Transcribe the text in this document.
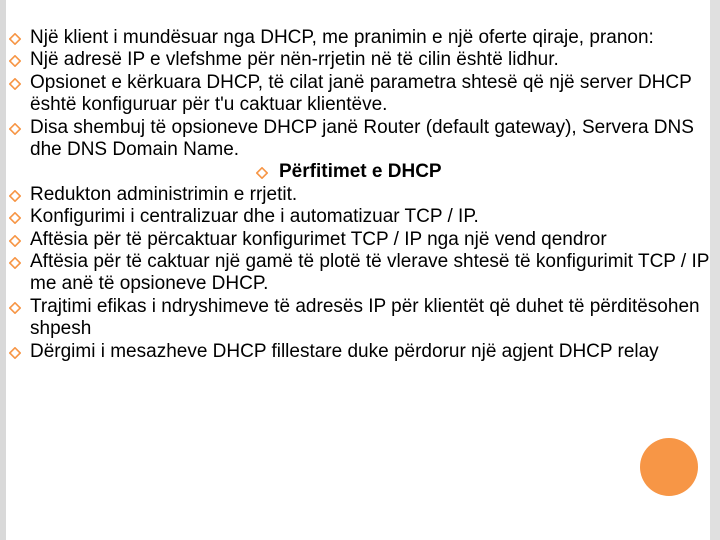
Një klient i mundësuar nga DHCP, me pranimin e një oferte qiraje, pranon:
Një adresë IP e vlefshme për nën-rrjetin në të cilin është lidhur.
Opsionet e kërkuara DHCP, të cilat janë parametra shtesë që një server DHCP është konfiguruar për t'u caktuar klientëve.
Disa shembuj të opsioneve DHCP janë Router (default gateway), Servera DNS dhe DNS Domain Name.
Përfitimet e DHCP
Redukton administrimin e rrjetit.
Konfigurimi i centralizuar dhe i automatizuar TCP / IP.
Aftësia për të përcaktuar konfigurimet TCP / IP nga një vend qendror
Aftësia për të caktuar një gamë të plotë të vlerave shtesë të konfigurimit TCP / IP me anë të opsioneve DHCP.
Trajtimi efikas i ndryshimeve të adresës IP për klientët që duhet të përditësohen shpesh
Dërgimi i mesazheve DHCP fillestare duke përdorur një agjent DHCP relay
